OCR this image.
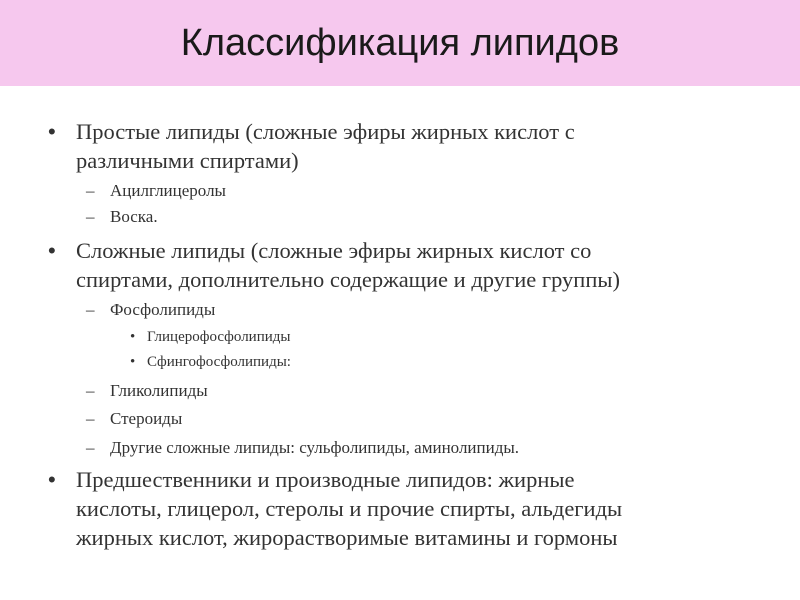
Классификация липидов
• Простые липиды (сложные эфиры жирных кислот с
различными спиртами)
– Ацилглицеролы
– Воска.
• Сложные липиды (сложные эфиры жирных кислот со
спиртами, дополнительно содержащие и другие группы)
– Фосфолипиды
• Глицерофосфолипиды
• Сфингофосфолипиды:
– Гликолипиды
– Стероиды
– Другие сложные липиды: сульфолипиды, аминолипиды.
• Предшественники и производные липидов: жирные
кислоты, глицерол, стеролы и прочие спирты, альдегиды
жирных кислот, жирорастворимые витамины и гормоны
